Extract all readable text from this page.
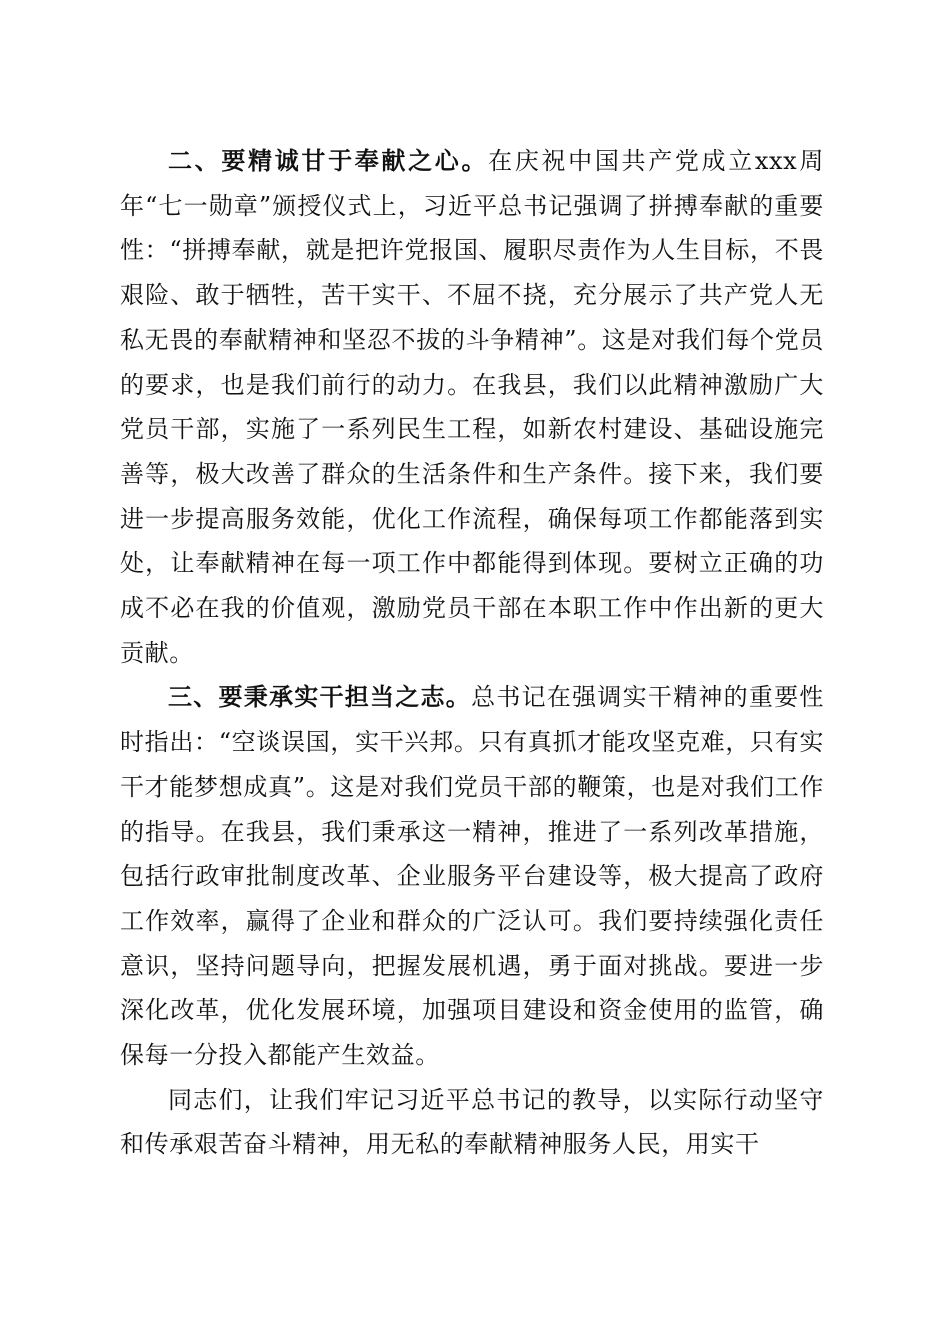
二、要精诚甘于奉献之心。在庆祝中国共产党成立xxx周年“七一勋章”颁授仪式上，习近平总书记强调了拼搏奉献的重要性：“拼搏奉献，就是把许党报国、履职尽责作为人生目标，不畏艰险、敢于牺牲，苦干实干、不屈不挠，充分展示了共产党人无私无畏的奉献精神和坚忍不拔的斗争精神”。这是对我们每个党员的要求，也是我们前行的动力。在我县，我们以此精神激励广大党员干部，实施了一系列民生工程，如新农村建设、基础设施完善等，极大改善了群众的生活条件和生产条件。接下来，我们要进一步提高服务效能，优化工作流程，确保每项工作都能落到实处，让奉献精神在每一项工作中都能得到体现。要树立正确的功成不必在我的价值观，激励党员干部在本职工作中作出新的更大贡献。

三、要秉承实干担当之志。总书记在强调实干精神的重要性时指出：“空谈误国，实干兴邦。只有真抓才能攻坚克难，只有实干才能梦想成真”。这是对我们党员干部的鞭策，也是对我们工作的指导。在我县，我们秉承这一精神，推进了一系列改革措施，包括行政审批制度改革、企业服务平台建设等，极大提高了政府工作效率，赢得了企业和群众的广泛认可。我们要持续强化责任意识，坚持问题导向，把握发展机遇，勇于面对挑战。要进一步深化改革，优化发展环境，加强项目建设和资金使用的监管，确保每一分投入都能产生效益。

同志们，让我们牢记习近平总书记的教导，以实际行动坚守和传承艰苦奋斗精神，用无私的奉献精神服务人民，用实干
